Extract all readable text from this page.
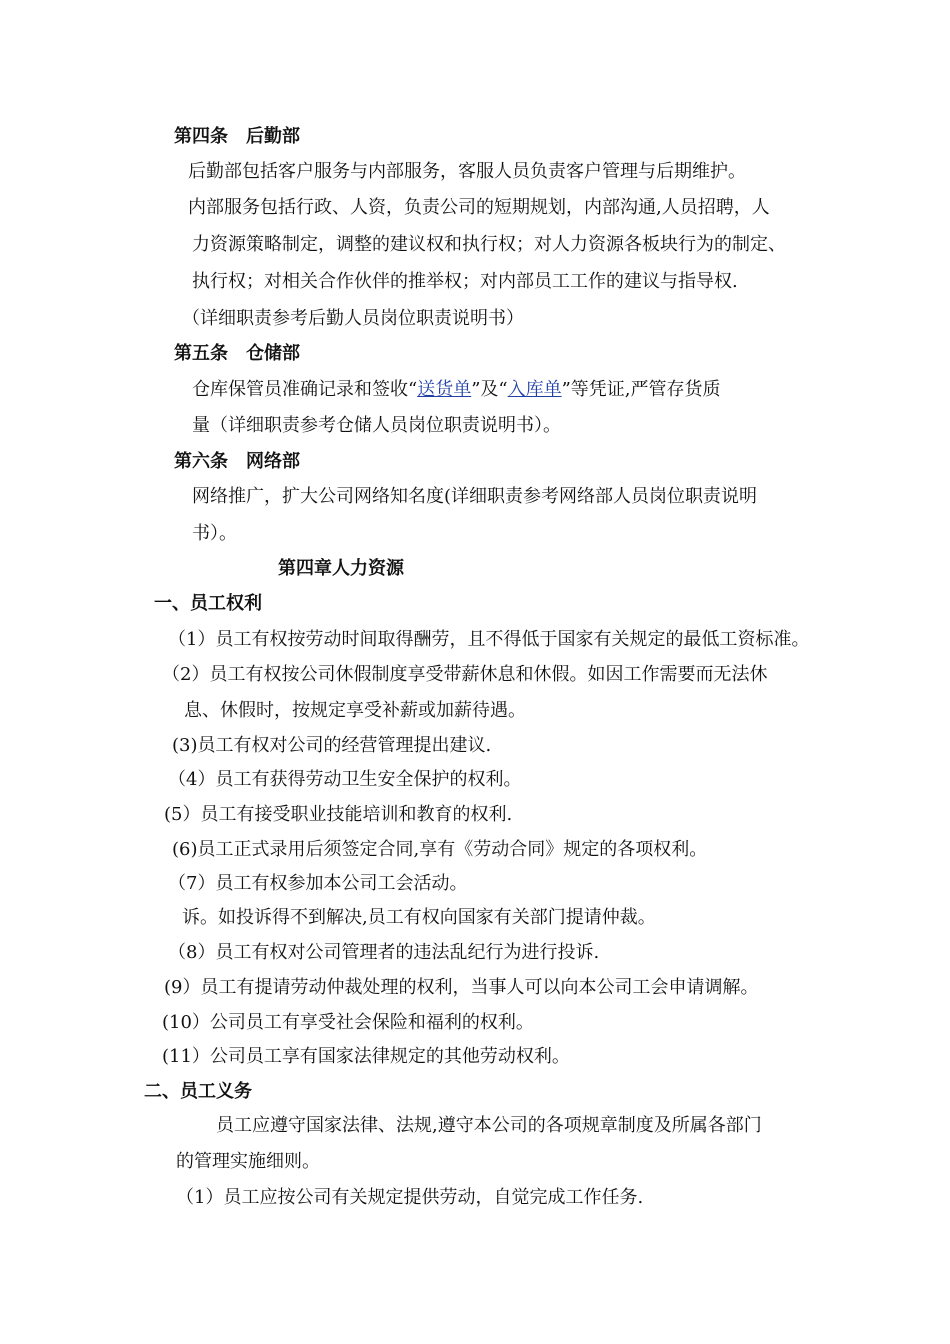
第四条　后勤部
后勤部包括客户服务与内部服务，客服人员负责客户管理与后期维护。
内部服务包括行政、人资，负责公司的短期规划，内部沟通,人员招聘，人
力资源策略制定，调整的建议权和执行权；对人力资源各板块行为的制定、
执行权；对相关合作伙伴的推举权；对内部员工工作的建议与指导权.
（详细职责参考后勤人员岗位职责说明书）
第五条　仓储部
仓库保管员准确记录和签收“送货单”及“入库单”等凭证,严管存货质
量（详细职责参考仓储人员岗位职责说明书）。
第六条　网络部
网络推广，扩大公司网络知名度(详细职责参考网络部人员岗位职责说明
书）。
第四章人力资源
一、员工权利
（1）员工有权按劳动时间取得酬劳，且不得低于国家有关规定的最低工资标准。
（2）员工有权按公司休假制度享受带薪休息和休假。如因工作需要而无法休
息、休假时，按规定享受补薪或加薪待遇。
(3)员工有权对公司的经营管理提出建议.
（4）员工有获得劳动卫生安全保护的权利。
(5）员工有接受职业技能培训和教育的权利.
(6)员工正式录用后须签定合同,享有《劳动合同》规定的各项权利。
（7）员工有权参加本公司工会活动。
诉。如投诉得不到解决,员工有权向国家有关部门提请仲裁。
（8）员工有权对公司管理者的违法乱纪行为进行投诉.
(9）员工有提请劳动仲裁处理的权利，当事人可以向本公司工会申请调解。
(10）公司员工有享受社会保险和福利的权利。
(11）公司员工享有国家法律规定的其他劳动权利。
二、员工义务
员工应遵守国家法律、法规,遵守本公司的各项规章制度及所属各部门
的管理实施细则。
（1）员工应按公司有关规定提供劳动，自觉完成工作任务.
